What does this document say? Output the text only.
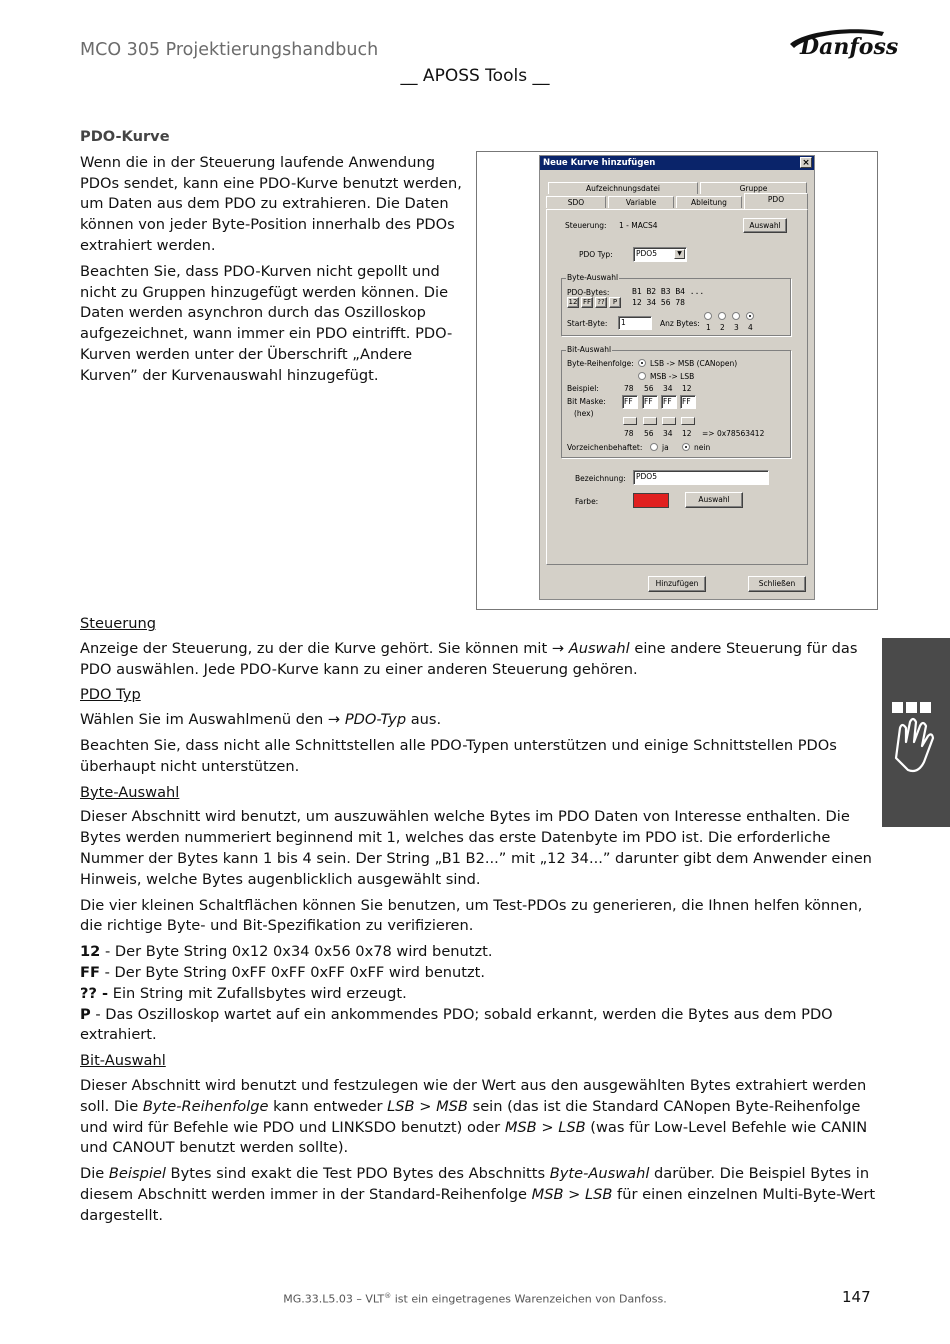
MCO 305 Projektierungshandbuch
__ APOSS Tools __
Danfoss
PDO-Kurve
Wenn die in der Steuerung laufende Anwendung PDOs sendet, kann eine PDO-Kurve benutzt werden, um Daten aus dem PDO zu extrahieren. Die Daten können von jeder Byte-Position innerhalb des PDOs extrahiert werden.
Beachten Sie, dass PDO-Kurven nicht gepollt und nicht zu Gruppen hinzugefügt werden können. Die Daten werden asynchron durch das Oszilloskop aufgezeichnet, wann immer ein PDO eintrifft. PDO-Kurven werden unter der Überschrift „Andere Kurven” der Kurvenauswahl hinzugefügt.
Neue Kurve hinzufügen	×
Aufzeichnungsdatei	Gruppe
SDO	Variable	Ableitung	PDO
Steuerung: 1 - MACS4	Auswahl
PDO Typ:	PDO5	▼
Byte-Auswahl
PDO-Bytes:	B1 B2 B3 B4 ...
12 34 56 78
12 FF ??	P
Start-Byte:	1	Anz Bytes: 1 2 3 4
Bit-Auswahl
Byte-Reihenfolge: LSB -> MSB (CANopen)
MSB -> LSB
Beispiel:	78 56 34 12
Bit Maske:
(hex)
FF	FF	FF	FF
78 56 34 12 => 0x78563412
Vorzeichenbehaftet:	ja	nein
Bezeichnung:	PDO5
Farbe:	Auswahl
Hinzufügen	Schließen
Steuerung
Anzeige der Steuerung, zu der die Kurve gehört. Sie können mit → Auswahl eine andere Steuerung für das PDO auswählen. Jede PDO-Kurve kann zu einer anderen Steuerung gehören.
PDO Typ
Wählen Sie im Auswahlmenü den → PDO-Typ aus.
Beachten Sie, dass nicht alle Schnittstellen alle PDO-Typen unterstützen und einige Schnittstellen PDOs überhaupt nicht unterstützen.
Byte-Auswahl
Dieser Abschnitt wird benutzt, um auszuwählen welche Bytes im PDO Daten von Interesse enthalten. Die Bytes werden nummeriert beginnend mit 1, welches das erste Datenbyte im PDO ist. Die erforderliche Nummer der Bytes kann 1 bis 4 sein. Der String „B1 B2...” mit „12 34...” darunter gibt dem Anwender einen Hinweis, welche Bytes augenblicklich ausgewählt sind.
Die vier kleinen Schaltflächen können Sie benutzen, um Test-PDOs zu generieren, die Ihnen helfen können, die richtige Byte- und Bit-Spezifikation zu verifizieren.
12 - Der Byte String 0x12 0x34 0x56 0x78 wird benutzt.
FF - Der Byte String 0xFF 0xFF 0xFF 0xFF wird benutzt.
?? - Ein String mit Zufallsbytes wird erzeugt.
P - Das Oszilloskop wartet auf ein ankommendes PDO; sobald erkannt, werden die Bytes aus dem PDO extrahiert.
Bit-Auswahl
Dieser Abschnitt wird benutzt und festzulegen wie der Wert aus den ausgewählten Bytes extrahiert werden soll. Die Byte-Reihenfolge kann entweder LSB > MSB sein (das ist die Standard CANopen Byte-Reihenfolge und wird für Befehle wie PDO und LINKSDO benutzt) oder MSB > LSB (was für Low-Level Befehle wie CANIN und CANOUT benutzt werden sollte).
Die Beispiel Bytes sind exakt die Test PDO Bytes des Abschnitts Byte-Auswahl darüber. Die Beispiel Bytes in diesem Abschnitt werden immer in der Standard-Reihenfolge MSB > LSB für einen einzelnen Multi-Byte-Wert dargestellt.
MG.33.L5.03 – VLT® ist ein eingetragenes Warenzeichen von Danfoss.	147
